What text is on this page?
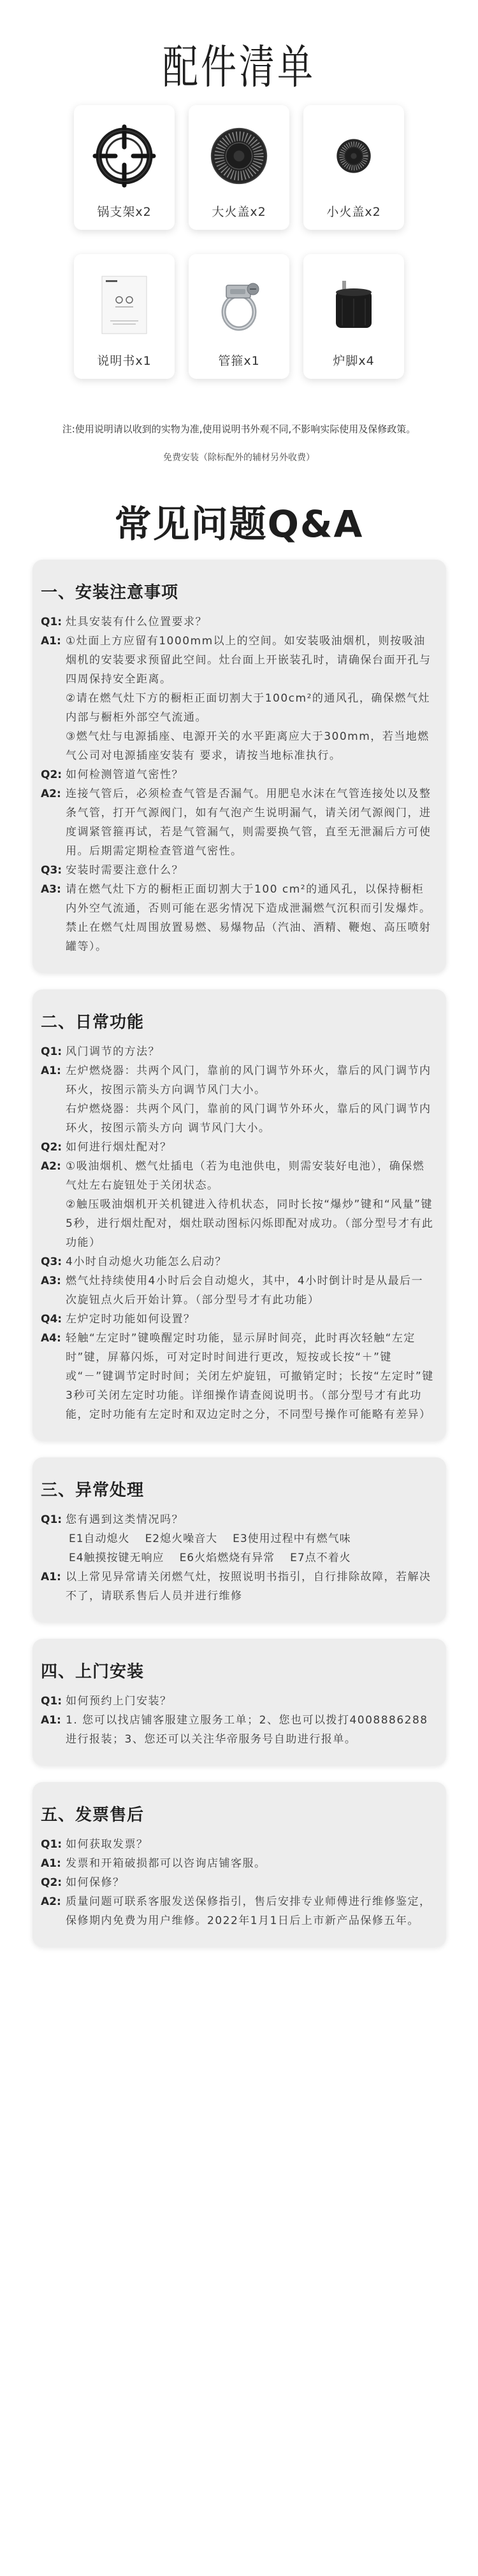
配件清单
锅支架x2	大火盖x2	小火盖x2
说明书x1	管箍x1	炉脚x4
注:使用说明请以收到的实物为准,使用说明书外观不同,不影响实际使用及保修政策。
免费安装（除标配外的辅材另外收费）
常见问题Q&A
一、安装注意事项
Q1: 灶具安装有什么位置要求？

A1: ①灶面上方应留有1000mm以上的空间。如安装吸油烟机，则按吸油烟机的安装要求预留此空间。灶台面上开嵌装孔时，请确保台面开孔与四周保持安全距离。

②请在燃气灶下方的橱柜正面切割大于100cm²的通风孔，确保燃气灶内部与橱柜外部空气流通。

③燃气灶与电源插座、电源开关的水平距离应大于300mm，若当地燃气公司对电源插座安装有 要求，请按当地标准执行。

Q2: 如何检测管道气密性？

A2: 连接气管后，必须检查气管是否漏气。用肥皂水沫在气管连接处以及整条气管，打开气源阀门，如有气泡产生说明漏气，请关闭气源阀门，进度调紧管箍再试，若是气管漏气，则需要换气管，直至无泄漏后方可使用。后期需定期检查管道气密性。

Q3: 安装时需要注意什么？

A3: 请在燃气灶下方的橱柜正面切割大于100 cm²的通风孔，以保持橱柜内外空气流通，否则可能在恶劣情况下造成泄漏燃气沉积而引发爆炸。

禁止在燃气灶周围放置易燃、易爆物品（汽油、酒精、鞭炮、高压喷射罐等）。

二、日常功能
Q1: 风门调节的方法？

A1: 左炉燃烧器：共两个风门，靠前的风门调节外环火，靠后的风门调节内环火，按图示箭头方向调节风门大小。

右炉燃烧器：共两个风门，靠前的风门调节外环火，靠后的风门调节内环火，按图示箭头方向 调节风门大小。

Q2: 如何进行烟灶配对？

A2: ①吸油烟机、燃气灶插电（若为电池供电，则需安装好电池），确保燃气灶左右旋钮处于关闭状态。

②触压吸油烟机开关机键进入待机状态，同时长按“爆炒”键和“风量”键5秒，进行烟灶配对，烟灶联动图标闪烁即配对成功。（部分型号才有此功能）

Q3: 4小时自动熄火功能怎么启动？

A3: 燃气灶持续使用4小时后会自动熄火，其中，4小时倒计时是从最后一次旋钮点火后开始计算。（部分型号才有此功能）

Q4: 左炉定时功能如何设置？

A4: 轻触“左定时”键唤醒定时功能，显示屏时间亮，此时再次轻触“左定时”键，屏幕闪烁，可对定时时间进行更改，短按或长按“＋”键或“－”键调节定时时间；关闭左炉旋钮，可撤销定时；长按“左定时”键3秒可关闭左定时功能。详细操作请查阅说明书。（部分型号才有此功能，定时功能有左定时和双边定时之分，不同型号操作可能略有差异）

三、异常处理
Q1: 您有遇到这类情况吗？

E1自动熄火 E2熄火噪音大 E3使用过程中有燃气味
E4触摸按键无响应 E6火焰燃烧有异常 E7点不着火
A1: 以上常见异常请关闭燃气灶，按照说明书指引，自行排除故障，若解决不了，请联系售后人员并进行维修

四、上门安装
Q1: 如何预约上门安装？

A1: 1. 您可以找店铺客服建立服务工单；2、您也可以拨打4008886288进行报装；3、您还可以关注华帝服务号自助进行报单。

五、发票售后
Q1: 如何获取发票？

A1: 发票和开箱破损都可以咨询店铺客服。

Q2: 如何保修？

A2: 质量问题可联系客服发送保修指引，售后安排专业师傅进行维修鉴定，保修期内免费为用户维修。2022年1月1日后上市新产品保修五年。
